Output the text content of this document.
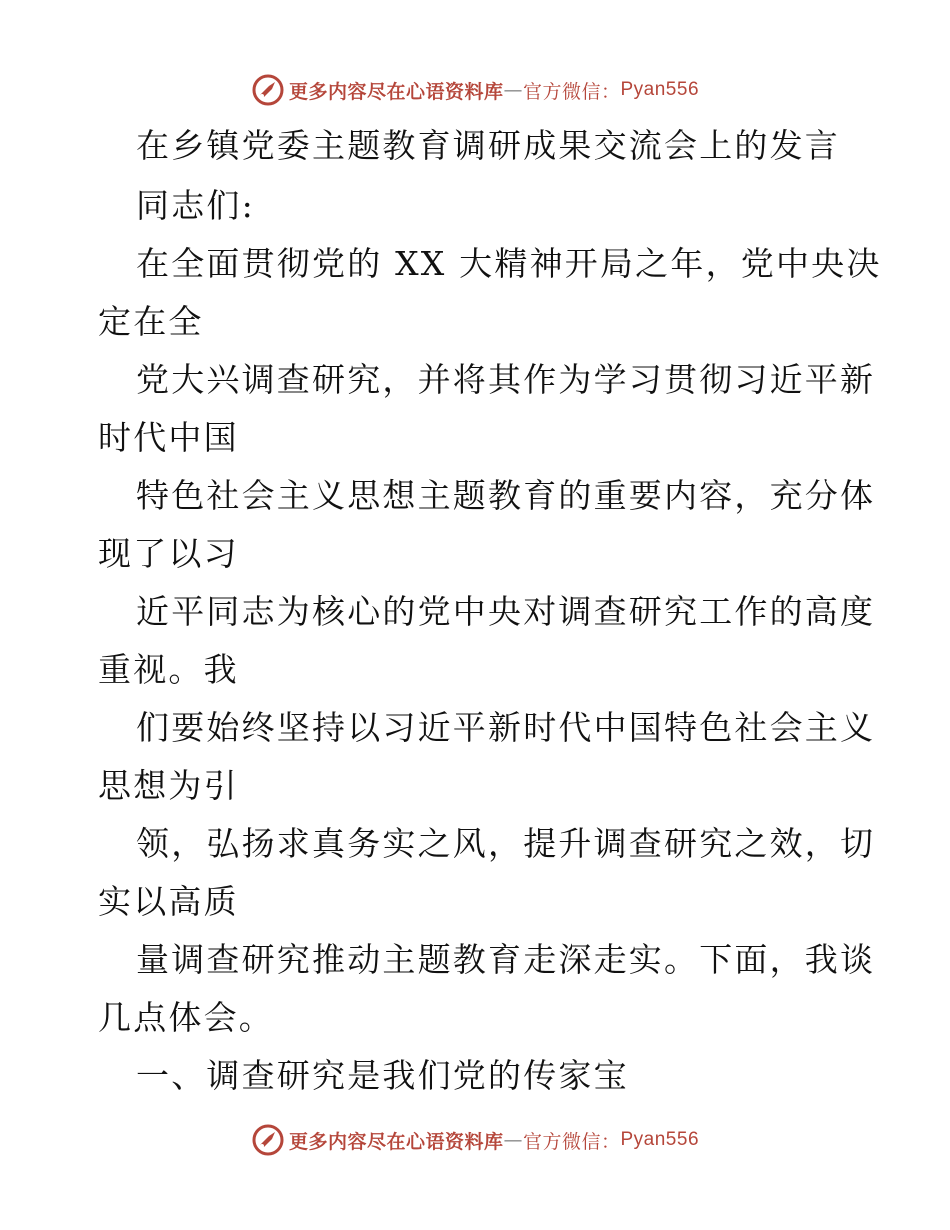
更多内容尽在心语资料库 — 官方微信： Pyan556
在乡镇党委主题教育调研成果交流会上的发言
同志们:
在全面贯彻党的 XX 大精神开局之年，党中央决
定在全
党大兴调查研究，并将其作为学习贯彻习近平新
时代中国
特色社会主义思想主题教育的重要内容，充分体
现了以习
近平同志为核心的党中央对调查研究工作的高度
重视。我
们要始终坚持以习近平新时代中国特色社会主义
思想为引
领，弘扬求真务实之风，提升调查研究之效，切
实以高质
量调查研究推动主题教育走深走实。下面，我谈
几点体会。
一、调查研究是我们党的传家宝
更多内容尽在心语资料库 — 官方微信： Pyan556
